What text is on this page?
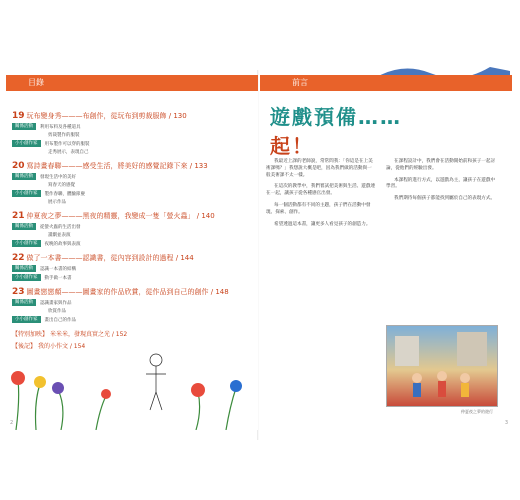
目錄
19 玩布變身秀———布創作，從玩布到剪裁服飾 / 130
關係活動	利用布料及各種道具
剪裁製作的服裝
小小創作家	用布製作可以穿的服裝
走秀展示，表現自己
20 寫詩畫春聯———感受生活，將美好的感覺記錄下來 / 133
關係活動	發現生活中的美好
寫春天的感覺
小小創作家	製作春聯，體驗節慶
展示作品
21 仲夏夜之夢———黑夜的精靈，我變成一隻「螢火蟲」 / 140
關係活動	從螢火蟲的生活出發
讀劇並表演
小小創作家	夜晚的故事與表演
22 做了一本書———認識書，從內容到設計的過程 / 144
關係活動	認識一本書的結構
小小創作家	動手做一本書
23 圖畫戀戀顏———圖畫家的作品欣賞，從作品到自己的創作 / 148
關係活動	認識畫家與作品
欣賞作品
小小創作家	畫出自己的作品
【特別加映】 米米米，發現真實之光 / 152
【後記】 我的小作文 / 154
2
前言
遊戲預備……起！

我最近上課的老師說，常常問我：「你這是在上美術課嗎？」我想說大概是吧，因為我們做的活動與一般美術課不太一樣。

在這次的教學中，我們嘗試把美術與生活、遊戲連在一起，讓孩子從各種感官出發。

每一個活動都有不同的主題，孩子們在活動中發現、探索、創作。

希望透過這本書，讓更多人看見孩子的創造力。

在課程設計中，我們會在活動開始前和孩子一起討論，從他們的經驗出發。

本課程的進行方式，以遊戲為主，讓孩子在遊戲中學習。

我們期待每個孩子都能找到屬於自己的表現方式。

仲夏夜之夢的遊行
3
